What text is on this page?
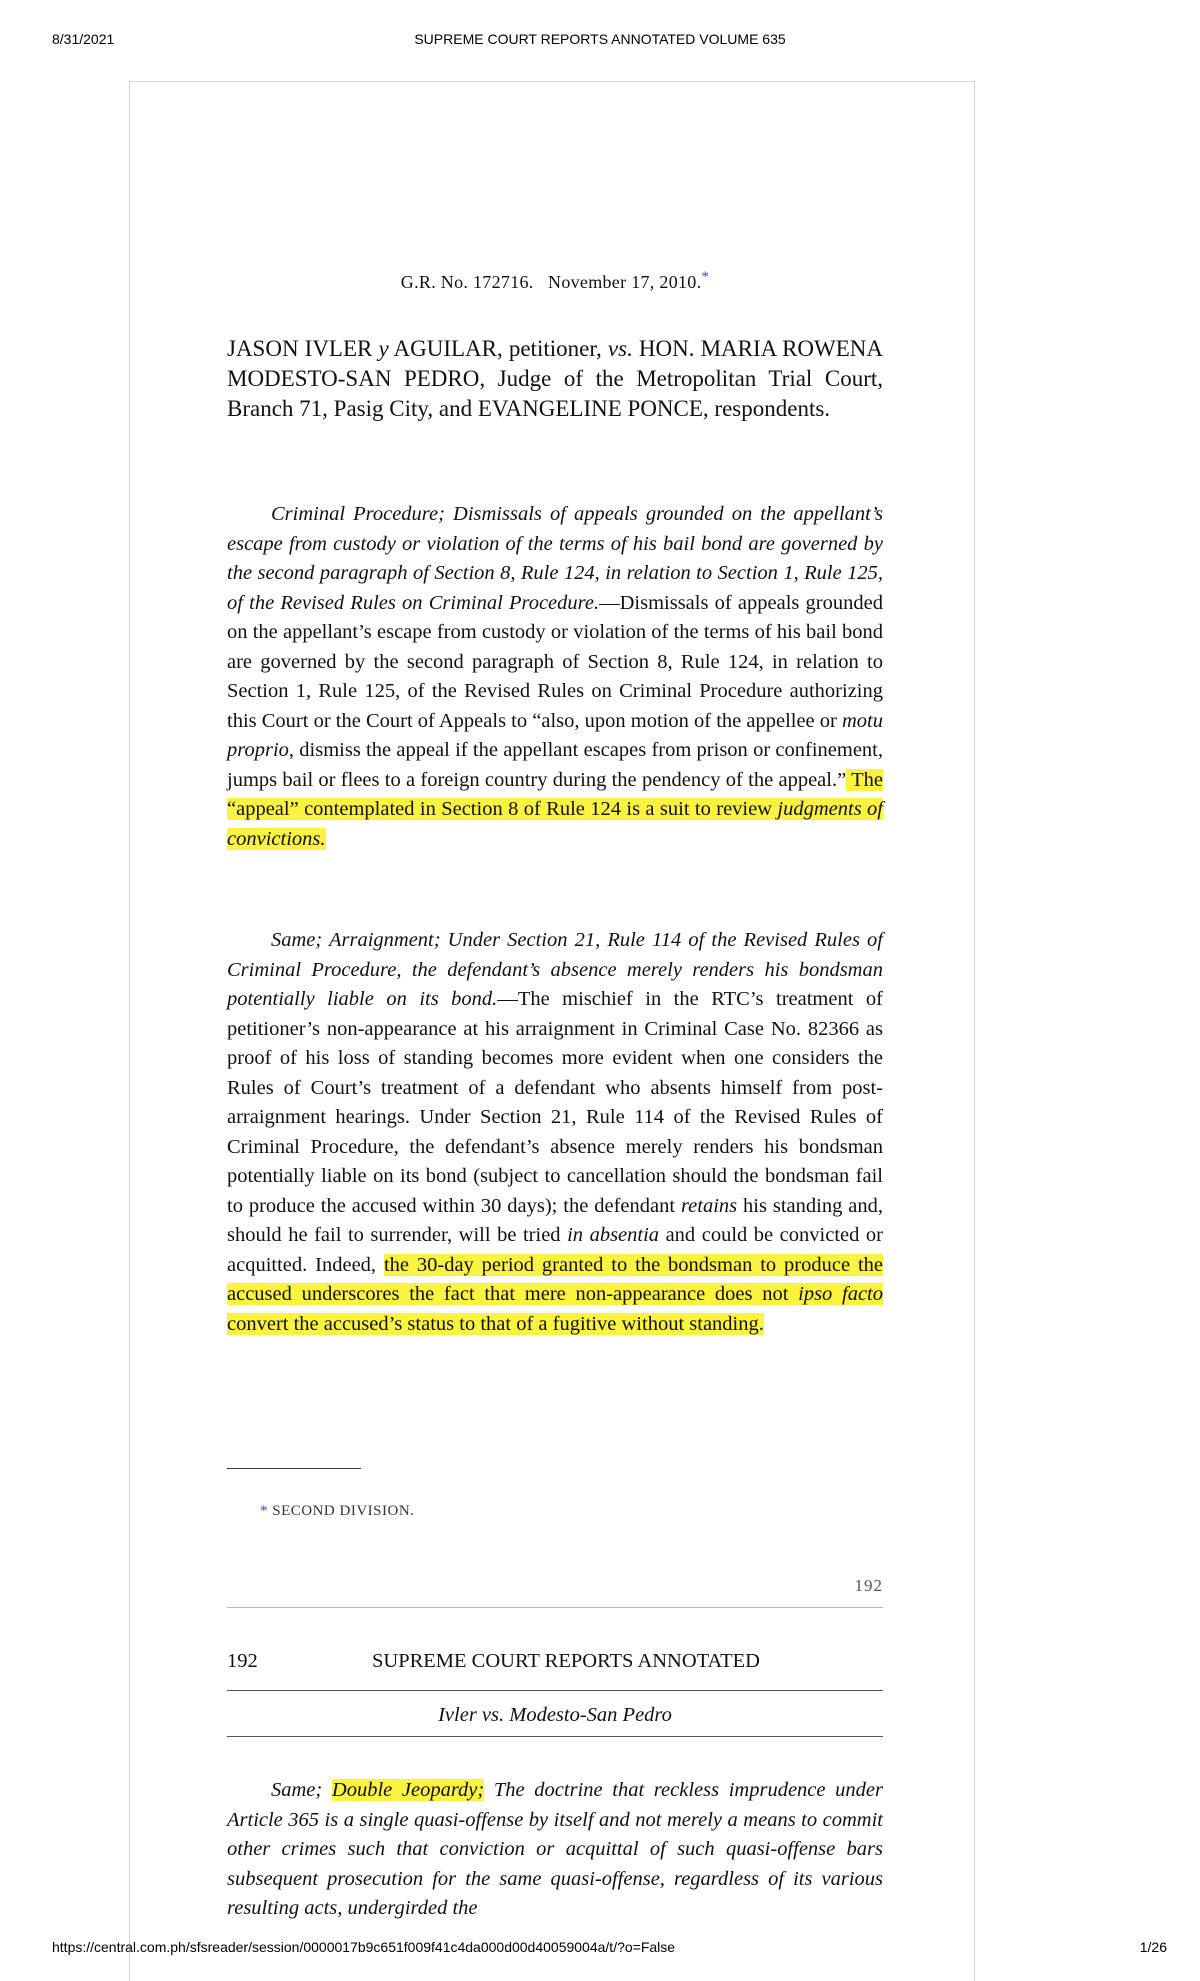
8/31/2021	SUPREME COURT REPORTS ANNOTATED VOLUME 635
G.R. No. 172716. November 17, 2010.*
JASON IVLER y AGUILAR, petitioner, vs. HON. MARIA ROWENA MODESTO-SAN PEDRO, Judge of the Metropolitan Trial Court, Branch 71, Pasig City, and EVANGELINE PONCE, respondents.

Criminal Procedure; Dismissals of appeals grounded on the appellant’s escape from custody or violation of the terms of his bail bond are governed by the second paragraph of Section 8, Rule 124, in relation to Section 1, Rule 125, of the Revised Rules on Criminal Procedure.—Dismissals of appeals grounded on the appellant’s escape from custody or violation of the terms of his bail bond are governed by the second paragraph of Section 8, Rule 124, in relation to Section 1, Rule 125, of the Revised Rules on Criminal Procedure authorizing this Court or the Court of Appeals to “also, upon motion of the appellee or motu proprio, dismiss the appeal if the appellant escapes from prison or confinement, jumps bail or flees to a foreign country during the pendency of the appeal.” The “appeal” contemplated in Section 8 of Rule 124 is a suit to review judgments of convictions.

Same; Arraignment; Under Section 21, Rule 114 of the Revised Rules of Criminal Procedure, the defendant’s absence merely renders his bondsman potentially liable on its bond.—The mischief in the RTC’s treatment of petitioner’s non-appearance at his arraignment in Criminal Case No. 82366 as proof of his loss of standing becomes more evident when one considers the Rules of Court’s treatment of a defendant who absents himself from post-arraignment hearings. Under Section 21, Rule 114 of the Revised Rules of Criminal Procedure, the defendant’s absence merely renders his bondsman potentially liable on its bond (subject to cancellation should the bondsman fail to produce the accused within 30 days); the defendant retains his standing and, should he fail to surrender, will be tried in absentia and could be convicted or acquitted. Indeed, the 30-day period granted to the bondsman to produce the accused underscores the fact that mere non-appearance does not ipso facto convert the accused’s status to that of a fugitive without standing.

* SECOND DIVISION.
192
192	SUPREME COURT REPORTS ANNOTATED
Ivler vs. Modesto-San Pedro

Same; Double Jeopardy; The doctrine that reckless imprudence under Article 365 is a single quasi-offense by itself and not merely a means to commit other crimes such that conviction or acquittal of such quasi-offense bars subsequent prosecution for the same quasi-offense, regardless of its various resulting acts, undergirded the

https://central.com.ph/sfsreader/session/0000017b9c651f009f41c4da000d00d40059004a/t/?o=False	1/26
